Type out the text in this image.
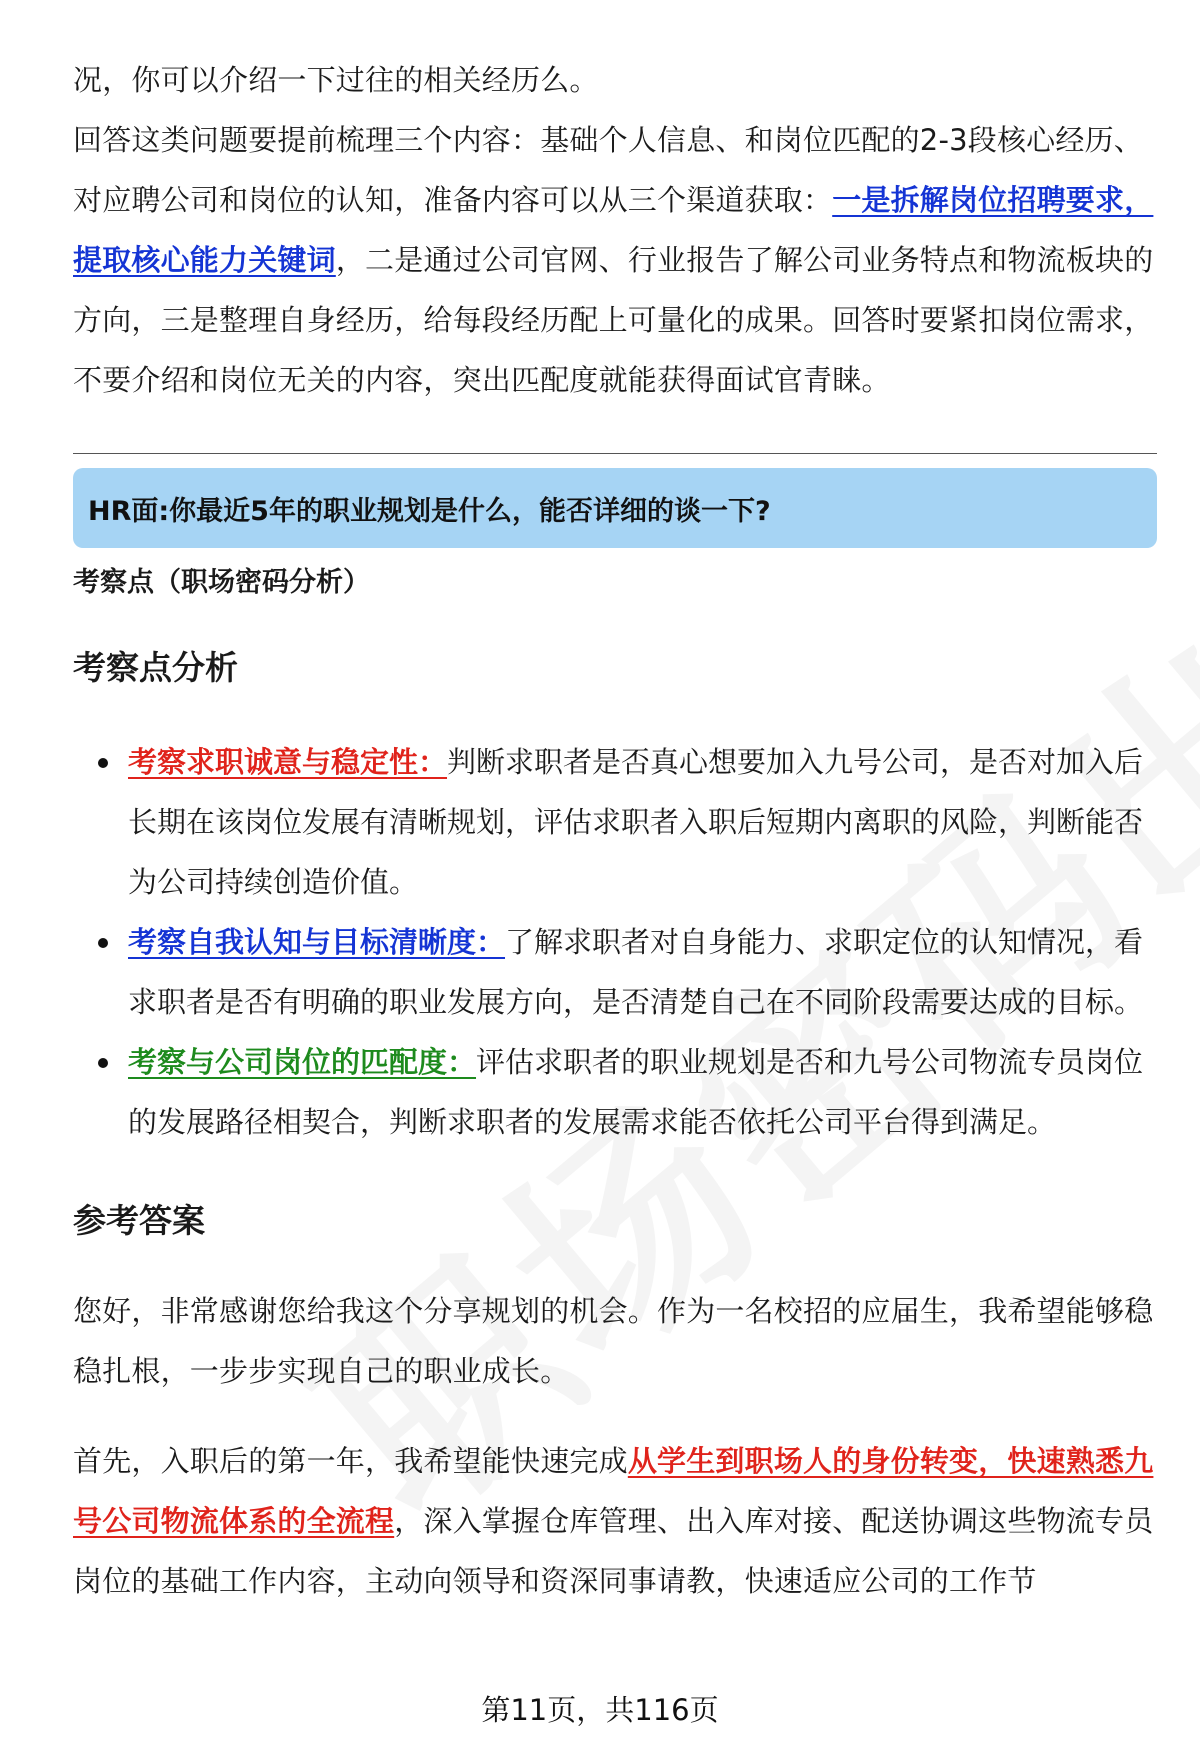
况，你可以介绍一下过往的相关经历么。

回答这类问题要提前梳理三个内容：基础个人信息、和岗位匹配的2-3段核心经历、对应聘公司和岗位的认知，准备内容可以从三个渠道获取：一是拆解岗位招聘要求，提取核心能力关键词，二是通过公司官网、行业报告了解公司业务特点和物流板块的方向，三是整理自身经历，给每段经历配上可量化的成果。回答时要紧扣岗位需求，不要介绍和岗位无关的内容，突出匹配度就能获得面试官青睐。

HR面:你最近5年的职业规划是什么，能否详细的谈一下?
考察点（职场密码分析）
考察点分析
考察求职诚意与稳定性：判断求职者是否真心想要加入九号公司，是否对加入后长期在该岗位发展有清晰规划，评估求职者入职后短期内离职的风险，判断能否为公司持续创造价值。
考察自我认知与目标清晰度：了解求职者对自身能力、求职定位的认知情况，看求职者是否有明确的职业发展方向，是否清楚自己在不同阶段需要达成的目标。
考察与公司岗位的匹配度：评估求职者的职业规划是否和九号公司物流专员岗位的发展路径相契合，判断求职者的发展需求能否依托公司平台得到满足。
参考答案

您好，非常感谢您给我这个分享规划的机会。作为一名校招的应届生，我希望能够稳稳扎根，一步步实现自己的职业成长。

首先，入职后的第一年，我希望能快速完成从学生到职场人的身份转变，快速熟悉九号公司物流体系的全流程，深入掌握仓库管理、出入库对接、配送协调这些物流专员岗位的基础工作内容，主动向领导和资深同事请教，快速适应公司的工作节

第11页，共116页
